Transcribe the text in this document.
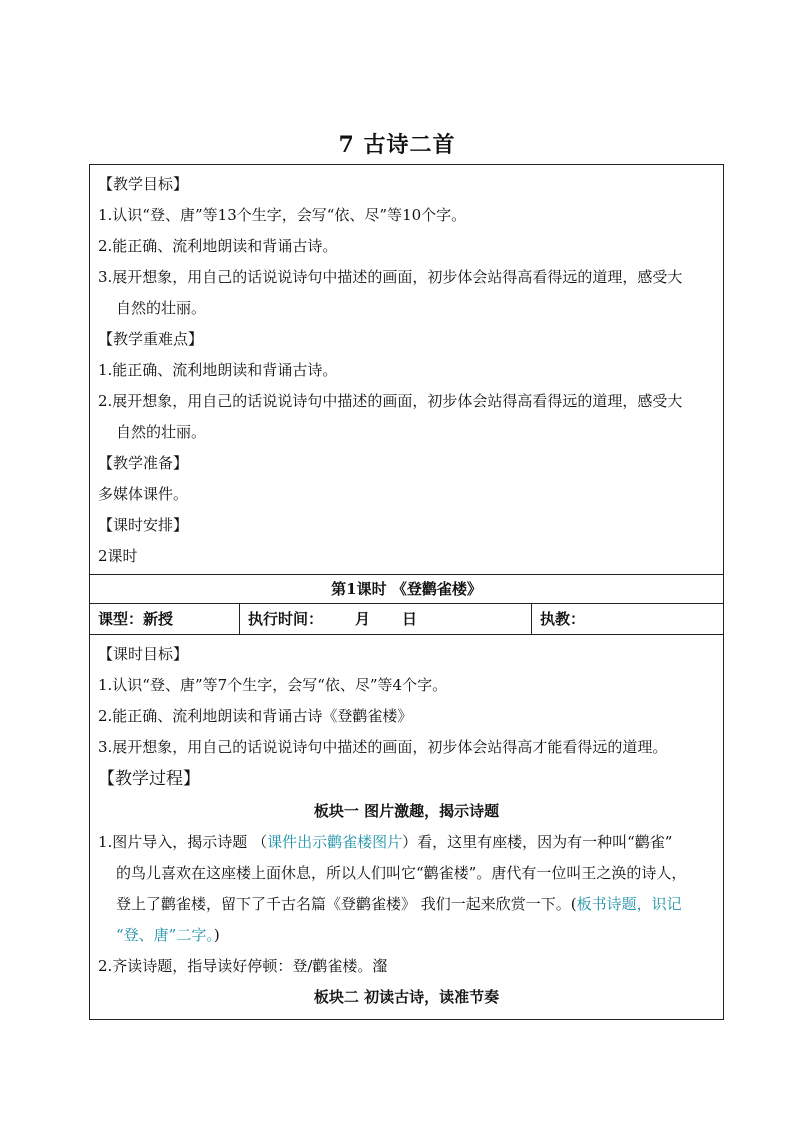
7 古诗二首
【教学目标】
1.认识“登、唐”等13个生字，会写“依、尽”等10个字。
2.能正确、流利地朗读和背诵古诗。
3.展开想象，用自己的话说说诗句中描述的画面，初步体会站得高看得远的道理，感受大
自然的壮丽。
【教学重难点】
1.能正确、流利地朗读和背诵古诗。
2.展开想象，用自己的话说说诗句中描述的画面，初步体会站得高看得远的道理，感受大
自然的壮丽。
【教学准备】
多媒体课件。
【课时安排】
2课时
第1课时 《登鹳雀楼》
课型：新授	执行时间： 月 日	执教：
【课时目标】
1.认识“登、唐”等7个生字，会写“依、尽”等4个字。
2.能正确、流利地朗读和背诵古诗《登鹳雀楼》
3.展开想象，用自己的话说说诗句中描述的画面，初步体会站得高才能看得远的道理。
【教学过程】
板块一 图片激趣，揭示诗题
1.图片导入，揭示诗题 （课件出示鹳雀楼图片）看，这里有座楼，因为有一种叫“鹳雀”
的鸟儿喜欢在这座楼上面休息，所以人们叫它“鹳雀楼”。唐代有一位叫王之涣的诗人，
登上了鹳雀楼，留下了千古名篇《登鹳雀楼》 我们一起来欣赏一下。(板书诗题，识记
“登、唐”二字。)
2.齐读诗题，指导读好停顿：登/鹳雀楼。瀣
板块二 初读古诗，读准节奏
